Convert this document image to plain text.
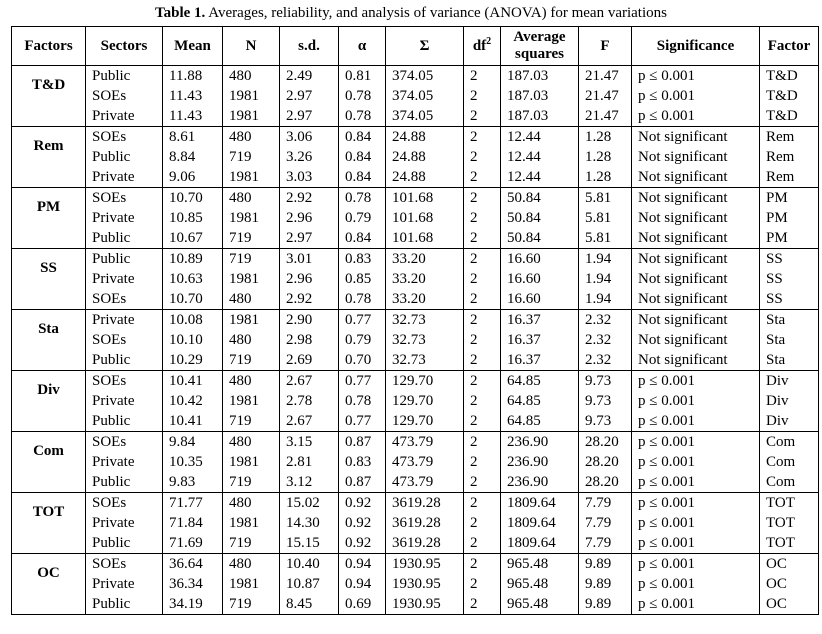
Table 1. Averages, reliability, and analysis of variance (ANOVA) for mean variations
Factors	Sectors	Mean	N	s.d.	α	Σ	$df^2$	Average squares	F	Significance	Factor
T&D	Public	11.88	480	2.49	0.81	374.05	2	187.03	21.47	p ≤ 0.001	T&D
	SOEs	11.43	1981	2.97	0.78	374.05	2	187.03	21.47	p ≤ 0.001	T&D
	Private	11.43	1981	2.97	0.78	374.05	2	187.03	21.47	p ≤ 0.001	T&D
Rem	SOEs	8.61	480	3.06	0.84	24.88	2	12.44	1.28	Not significant	Rem
	Public	8.84	719	3.26	0.84	24.88	2	12.44	1.28	Not significant	Rem
	Private	9.06	1981	3.03	0.84	24.88	2	12.44	1.28	Not significant	Rem
PM	SOEs	10.70	480	2.92	0.78	101.68	2	50.84	5.81	Not significant	PM
	Private	10.85	1981	2.96	0.79	101.68	2	50.84	5.81	Not significant	PM
	Public	10.67	719	2.97	0.84	101.68	2	50.84	5.81	Not significant	PM
SS	Public	10.89	719	3.01	0.83	33.20	2	16.60	1.94	Not significant	SS
	Private	10.63	1981	2.96	0.85	33.20	2	16.60	1.94	Not significant	SS
	SOEs	10.70	480	2.92	0.78	33.20	2	16.60	1.94	Not significant	SS
Sta	Private	10.08	1981	2.90	0.77	32.73	2	16.37	2.32	Not significant	Sta
	SOEs	10.10	480	2.98	0.79	32.73	2	16.37	2.32	Not significant	Sta
	Public	10.29	719	2.69	0.70	32.73	2	16.37	2.32	Not significant	Sta
Div	SOEs	10.41	480	2.67	0.77	129.70	2	64.85	9.73	p ≤ 0.001	Div
	Private	10.42	1981	2.78	0.78	129.70	2	64.85	9.73	p ≤ 0.001	Div
	Public	10.41	719	2.67	0.77	129.70	2	64.85	9.73	p ≤ 0.001	Div
Com	SOEs	9.84	480	3.15	0.87	473.79	2	236.90	28.20	p ≤ 0.001	Com
	Private	10.35	1981	2.81	0.83	473.79	2	236.90	28.20	p ≤ 0.001	Com
	Public	9.83	719	3.12	0.87	473.79	2	236.90	28.20	p ≤ 0.001	Com
TOT	SOEs	71.77	480	15.02	0.92	3619.28	2	1809.64	7.79	p ≤ 0.001	TOT
	Private	71.84	1981	14.30	0.92	3619.28	2	1809.64	7.79	p ≤ 0.001	TOT
	Public	71.69	719	15.15	0.92	3619.28	2	1809.64	7.79	p ≤ 0.001	TOT
OC	SOEs	36.64	480	10.40	0.94	1930.95	2	965.48	9.89	p ≤ 0.001	OC
	Private	36.34	1981	10.87	0.94	1930.95	2	965.48	9.89	p ≤ 0.001	OC
	Public	34.19	719	8.45	0.69	1930.95	2	965.48	9.89	p ≤ 0.001	OC
